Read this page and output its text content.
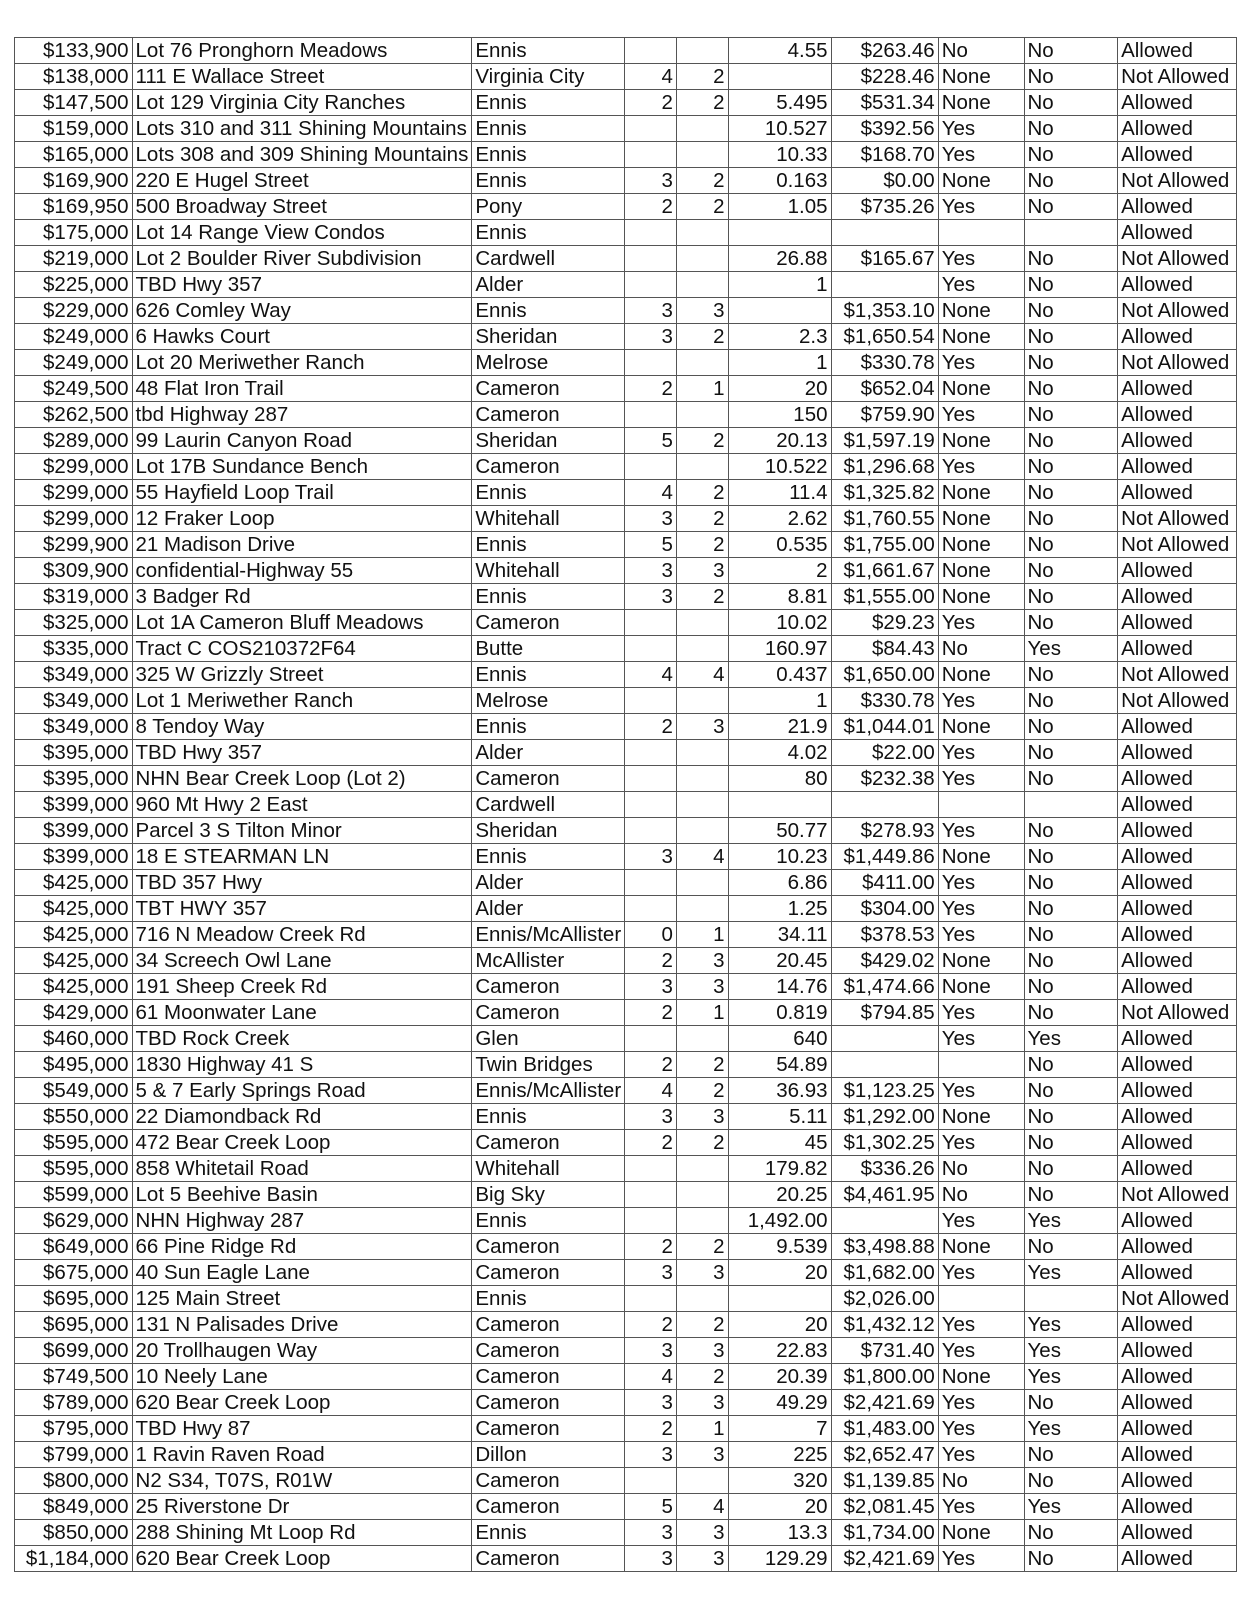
$133,900	Lot 76 Pronghorn Meadows	Ennis			4.55	$263.46	No	No	Allowed
$138,000	111 E Wallace Street	Virginia City	4	2		$228.46	None	No	Not Allowed
$147,500	Lot 129 Virginia City Ranches	Ennis	2	2	5.495	$531.34	None	No	Allowed
$159,000	Lots 310 and 311 Shining Mountains	Ennis			10.527	$392.56	Yes	No	Allowed
$165,000	Lots 308 and 309 Shining Mountains	Ennis			10.33	$168.70	Yes	No	Allowed
$169,900	220 E Hugel Street	Ennis	3	2	0.163	$0.00	None	No	Not Allowed
$169,950	500 Broadway Street	Pony	2	2	1.05	$735.26	Yes	No	Allowed
$175,000	Lot 14 Range View Condos	Ennis							Allowed
$219,000	Lot 2 Boulder River Subdivision	Cardwell			26.88	$165.67	Yes	No	Not Allowed
$225,000	TBD Hwy 357	Alder			1		Yes	No	Allowed
$229,000	626 Comley Way	Ennis	3	3		$1,353.10	None	No	Not Allowed
$249,000	6 Hawks Court	Sheridan	3	2	2.3	$1,650.54	None	No	Allowed
$249,000	Lot 20 Meriwether Ranch	Melrose			1	$330.78	Yes	No	Not Allowed
$249,500	48 Flat Iron Trail	Cameron	2	1	20	$652.04	None	No	Allowed
$262,500	tbd Highway 287	Cameron			150	$759.90	Yes	No	Allowed
$289,000	99 Laurin Canyon Road	Sheridan	5	2	20.13	$1,597.19	None	No	Allowed
$299,000	Lot 17B Sundance Bench	Cameron			10.522	$1,296.68	Yes	No	Allowed
$299,000	55 Hayfield Loop Trail	Ennis	4	2	11.4	$1,325.82	None	No	Allowed
$299,000	12 Fraker Loop	Whitehall	3	2	2.62	$1,760.55	None	No	Not Allowed
$299,900	21 Madison Drive	Ennis	5	2	0.535	$1,755.00	None	No	Not Allowed
$309,900	confidential-Highway 55	Whitehall	3	3	2	$1,661.67	None	No	Allowed
$319,000	3 Badger Rd	Ennis	3	2	8.81	$1,555.00	None	No	Allowed
$325,000	Lot 1A Cameron Bluff Meadows	Cameron			10.02	$29.23	Yes	No	Allowed
$335,000	Tract C COS210372F64	Butte			160.97	$84.43	No	Yes	Allowed
$349,000	325 W Grizzly Street	Ennis	4	4	0.437	$1,650.00	None	No	Not Allowed
$349,000	Lot 1 Meriwether Ranch	Melrose			1	$330.78	Yes	No	Not Allowed
$349,000	8 Tendoy Way	Ennis	2	3	21.9	$1,044.01	None	No	Allowed
$395,000	TBD Hwy 357	Alder			4.02	$22.00	Yes	No	Allowed
$395,000	NHN Bear Creek Loop (Lot 2)	Cameron			80	$232.38	Yes	No	Allowed
$399,000	960 Mt Hwy 2 East	Cardwell							Allowed
$399,000	Parcel 3 S Tilton Minor	Sheridan			50.77	$278.93	Yes	No	Allowed
$399,000	18 E STEARMAN LN	Ennis	3	4	10.23	$1,449.86	None	No	Allowed
$425,000	TBD 357 Hwy	Alder			6.86	$411.00	Yes	No	Allowed
$425,000	TBT HWY 357	Alder			1.25	$304.00	Yes	No	Allowed
$425,000	716 N Meadow Creek Rd	Ennis/McAllister	0	1	34.11	$378.53	Yes	No	Allowed
$425,000	34 Screech Owl Lane	McAllister	2	3	20.45	$429.02	None	No	Allowed
$425,000	191 Sheep Creek Rd	Cameron	3	3	14.76	$1,474.66	None	No	Allowed
$429,000	61 Moonwater Lane	Cameron	2	1	0.819	$794.85	Yes	No	Not Allowed
$460,000	TBD Rock Creek	Glen			640		Yes	Yes	Allowed
$495,000	1830 Highway 41 S	Twin Bridges	2	2	54.89			No	Allowed
$549,000	5 & 7 Early Springs Road	Ennis/McAllister	4	2	36.93	$1,123.25	Yes	No	Allowed
$550,000	22 Diamondback Rd	Ennis	3	3	5.11	$1,292.00	None	No	Allowed
$595,000	472 Bear Creek Loop	Cameron	2	2	45	$1,302.25	Yes	No	Allowed
$595,000	858 Whitetail Road	Whitehall			179.82	$336.26	No	No	Allowed
$599,000	Lot 5 Beehive Basin	Big Sky			20.25	$4,461.95	No	No	Not Allowed
$629,000	NHN Highway 287	Ennis			1,492.00		Yes	Yes	Allowed
$649,000	66 Pine Ridge Rd	Cameron	2	2	9.539	$3,498.88	None	No	Allowed
$675,000	40 Sun Eagle Lane	Cameron	3	3	20	$1,682.00	Yes	Yes	Allowed
$695,000	125 Main Street	Ennis				$2,026.00			Not Allowed
$695,000	131 N Palisades Drive	Cameron	2	2	20	$1,432.12	Yes	Yes	Allowed
$699,000	20 Trollhaugen Way	Cameron	3	3	22.83	$731.40	Yes	Yes	Allowed
$749,500	10 Neely Lane	Cameron	4	2	20.39	$1,800.00	None	Yes	Allowed
$789,000	620 Bear Creek Loop	Cameron	3	3	49.29	$2,421.69	Yes	No	Allowed
$795,000	TBD Hwy 87	Cameron	2	1	7	$1,483.00	Yes	Yes	Allowed
$799,000	1 Ravin Raven Road	Dillon	3	3	225	$2,652.47	Yes	No	Allowed
$800,000	N2 S34, T07S, R01W	Cameron			320	$1,139.85	No	No	Allowed
$849,000	25 Riverstone Dr	Cameron	5	4	20	$2,081.45	Yes	Yes	Allowed
$850,000	288 Shining Mt Loop Rd	Ennis	3	3	13.3	$1,734.00	None	No	Allowed
$1,184,000	620 Bear Creek Loop	Cameron	3	3	129.29	$2,421.69	Yes	No	Allowed
